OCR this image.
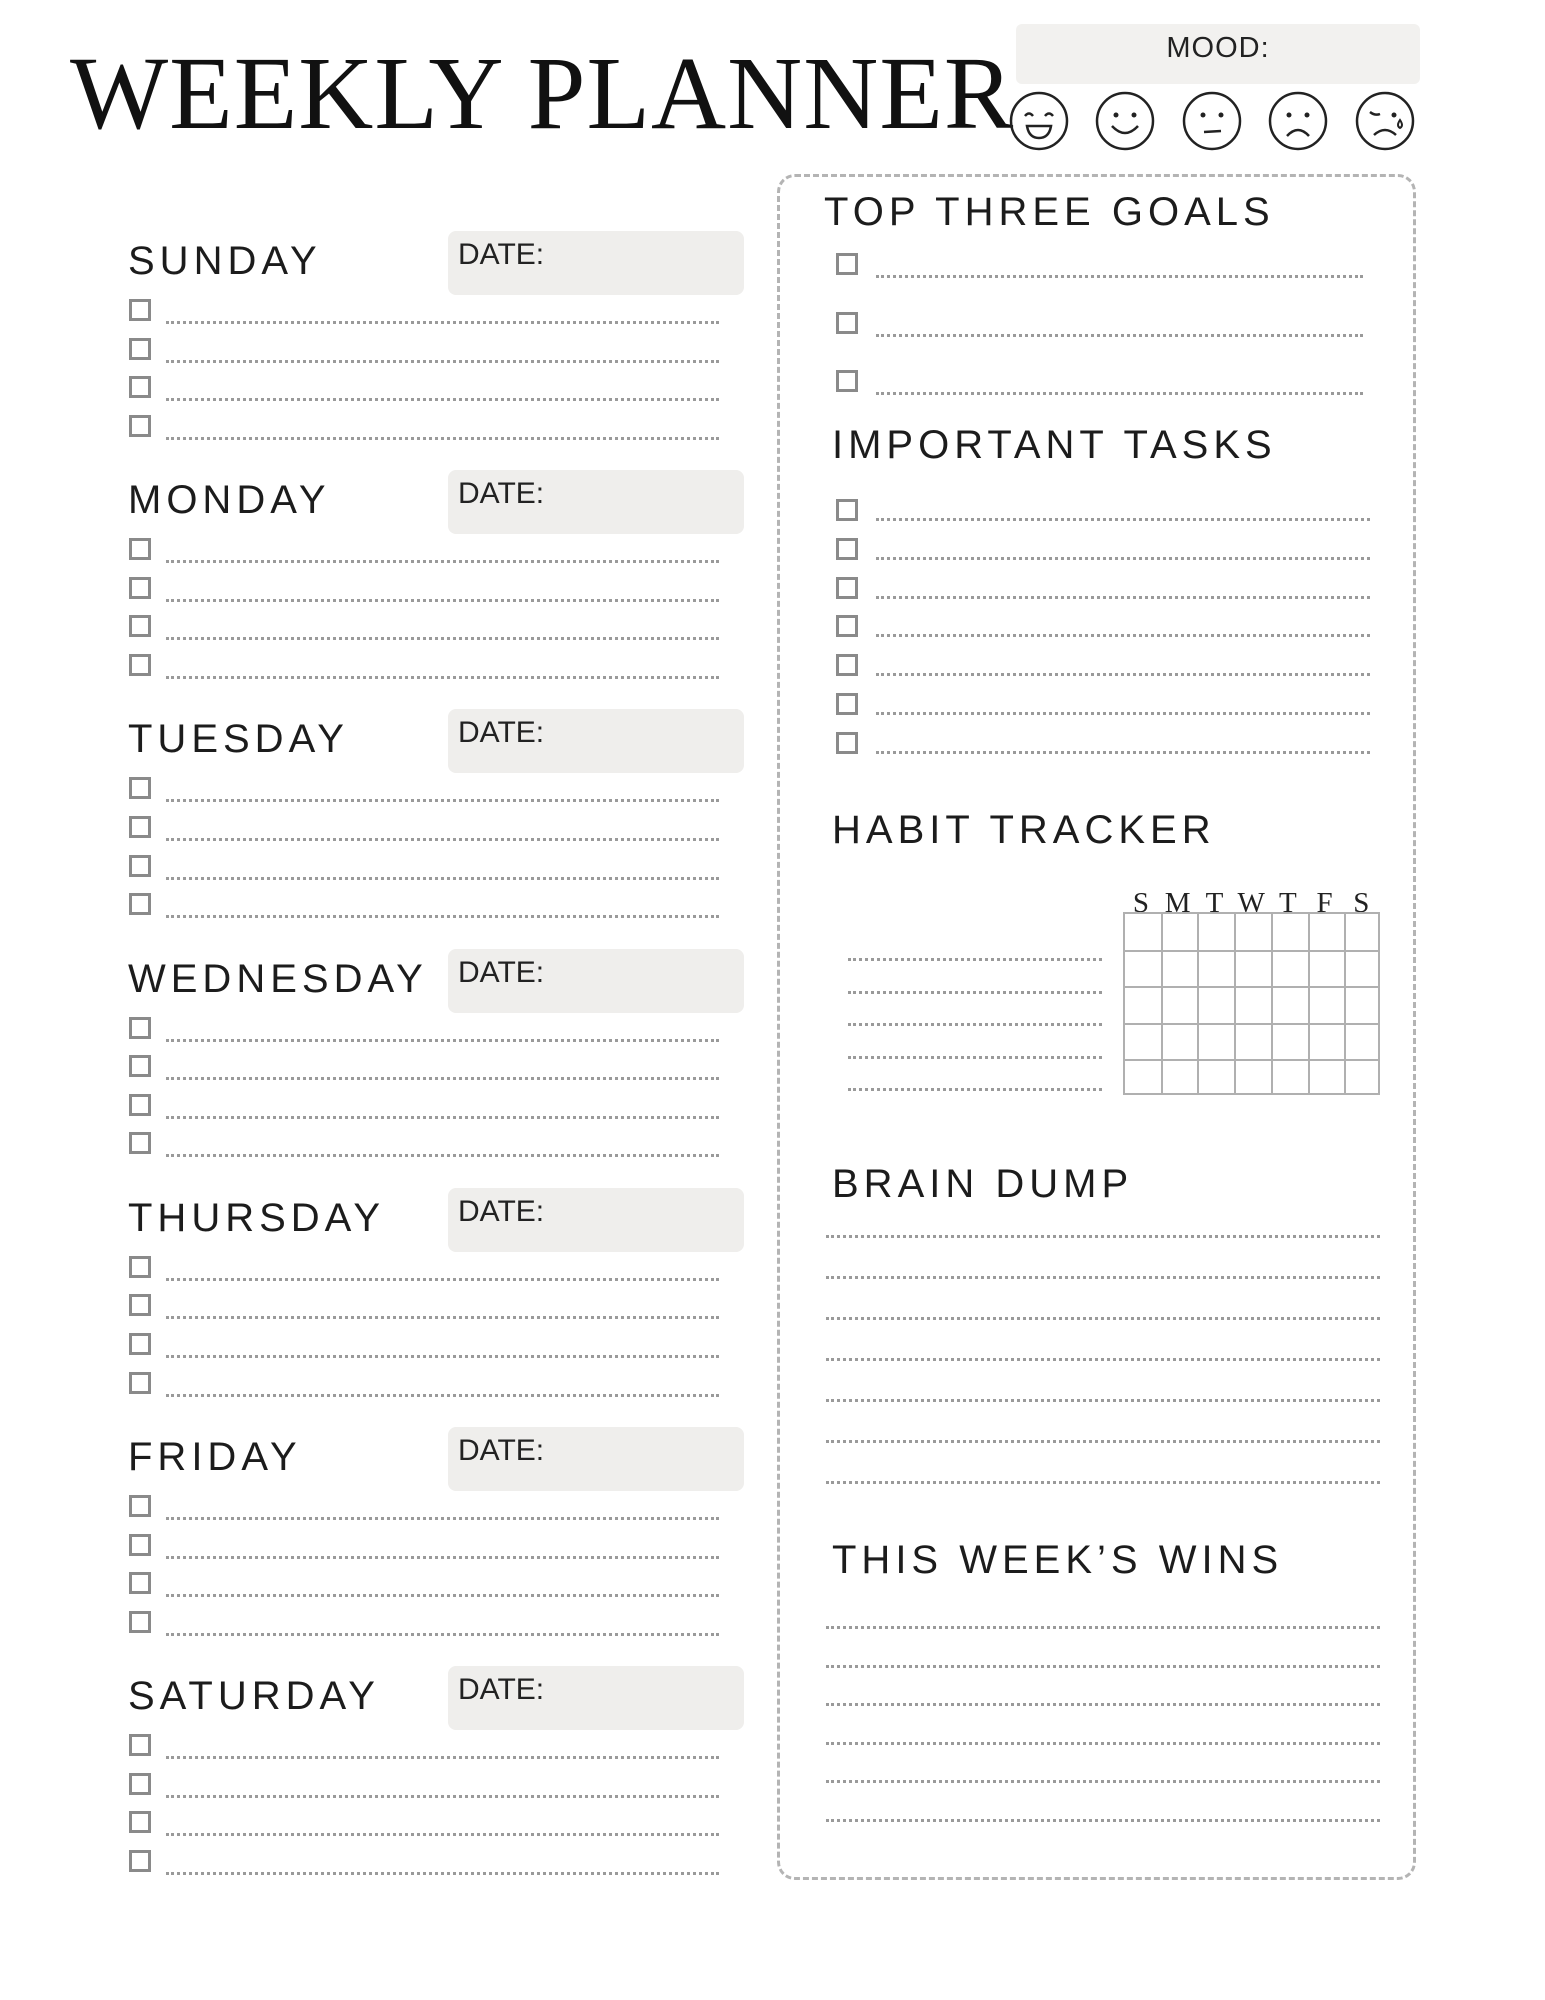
WEEKLY PLANNER	MOOD:
SUNDAY	DATE:
MONDAY	DATE:
TUESDAY	DATE:
WEDNESDAY DATE:
THURSDAY DATE:
FRIDAY	DATE:
SATURDAY	DATE:
TOP THREE GOALS
IMPORTANT TASKS
HABIT TRACKER
S M T W T F S
BRAIN DUMP
THIS WEEK’S WINS
